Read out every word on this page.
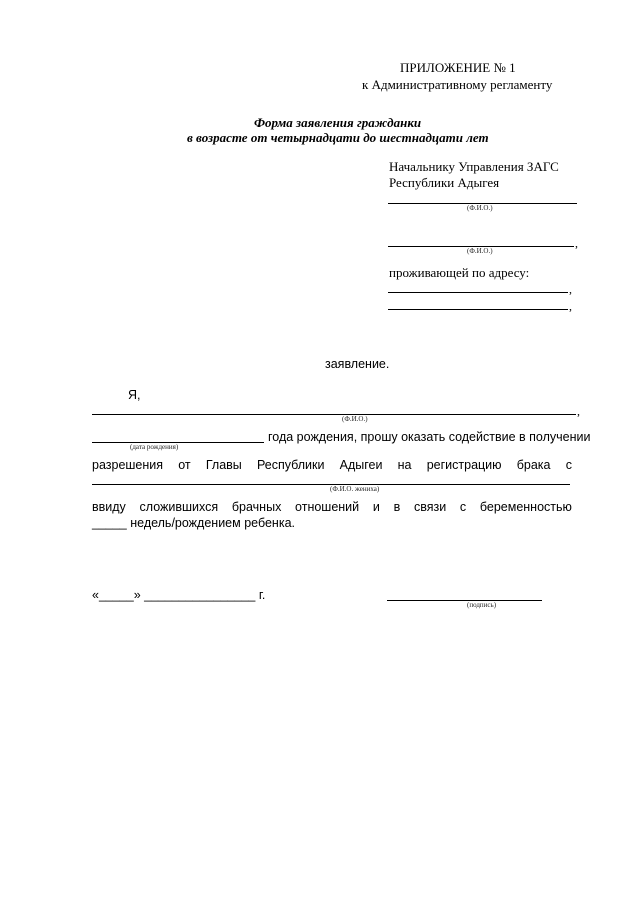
ПРИЛОЖЕНИЕ № 1
к Административному регламенту
Форма заявления гражданки
в возрасте от четырнадцати до шестнадцати лет
Начальнику Управления ЗАГС
Республики Адыгея
(Ф.И.О.)
,
(Ф.И.О.)
проживающей по адресу:
,
,
заявление.
Я,
,
(Ф.И.О.)
(дата рождения)
года рождения, прошу оказать содействие в получении
разрешения от Главы Республики Адыгеи на регистрацию брака с
(Ф.И.О. жениха)
ввиду сложившихся брачных отношений и в связи с беременностью
_____ недель/рождением ребенка.
«_____» ________________ г.
(подпись)
